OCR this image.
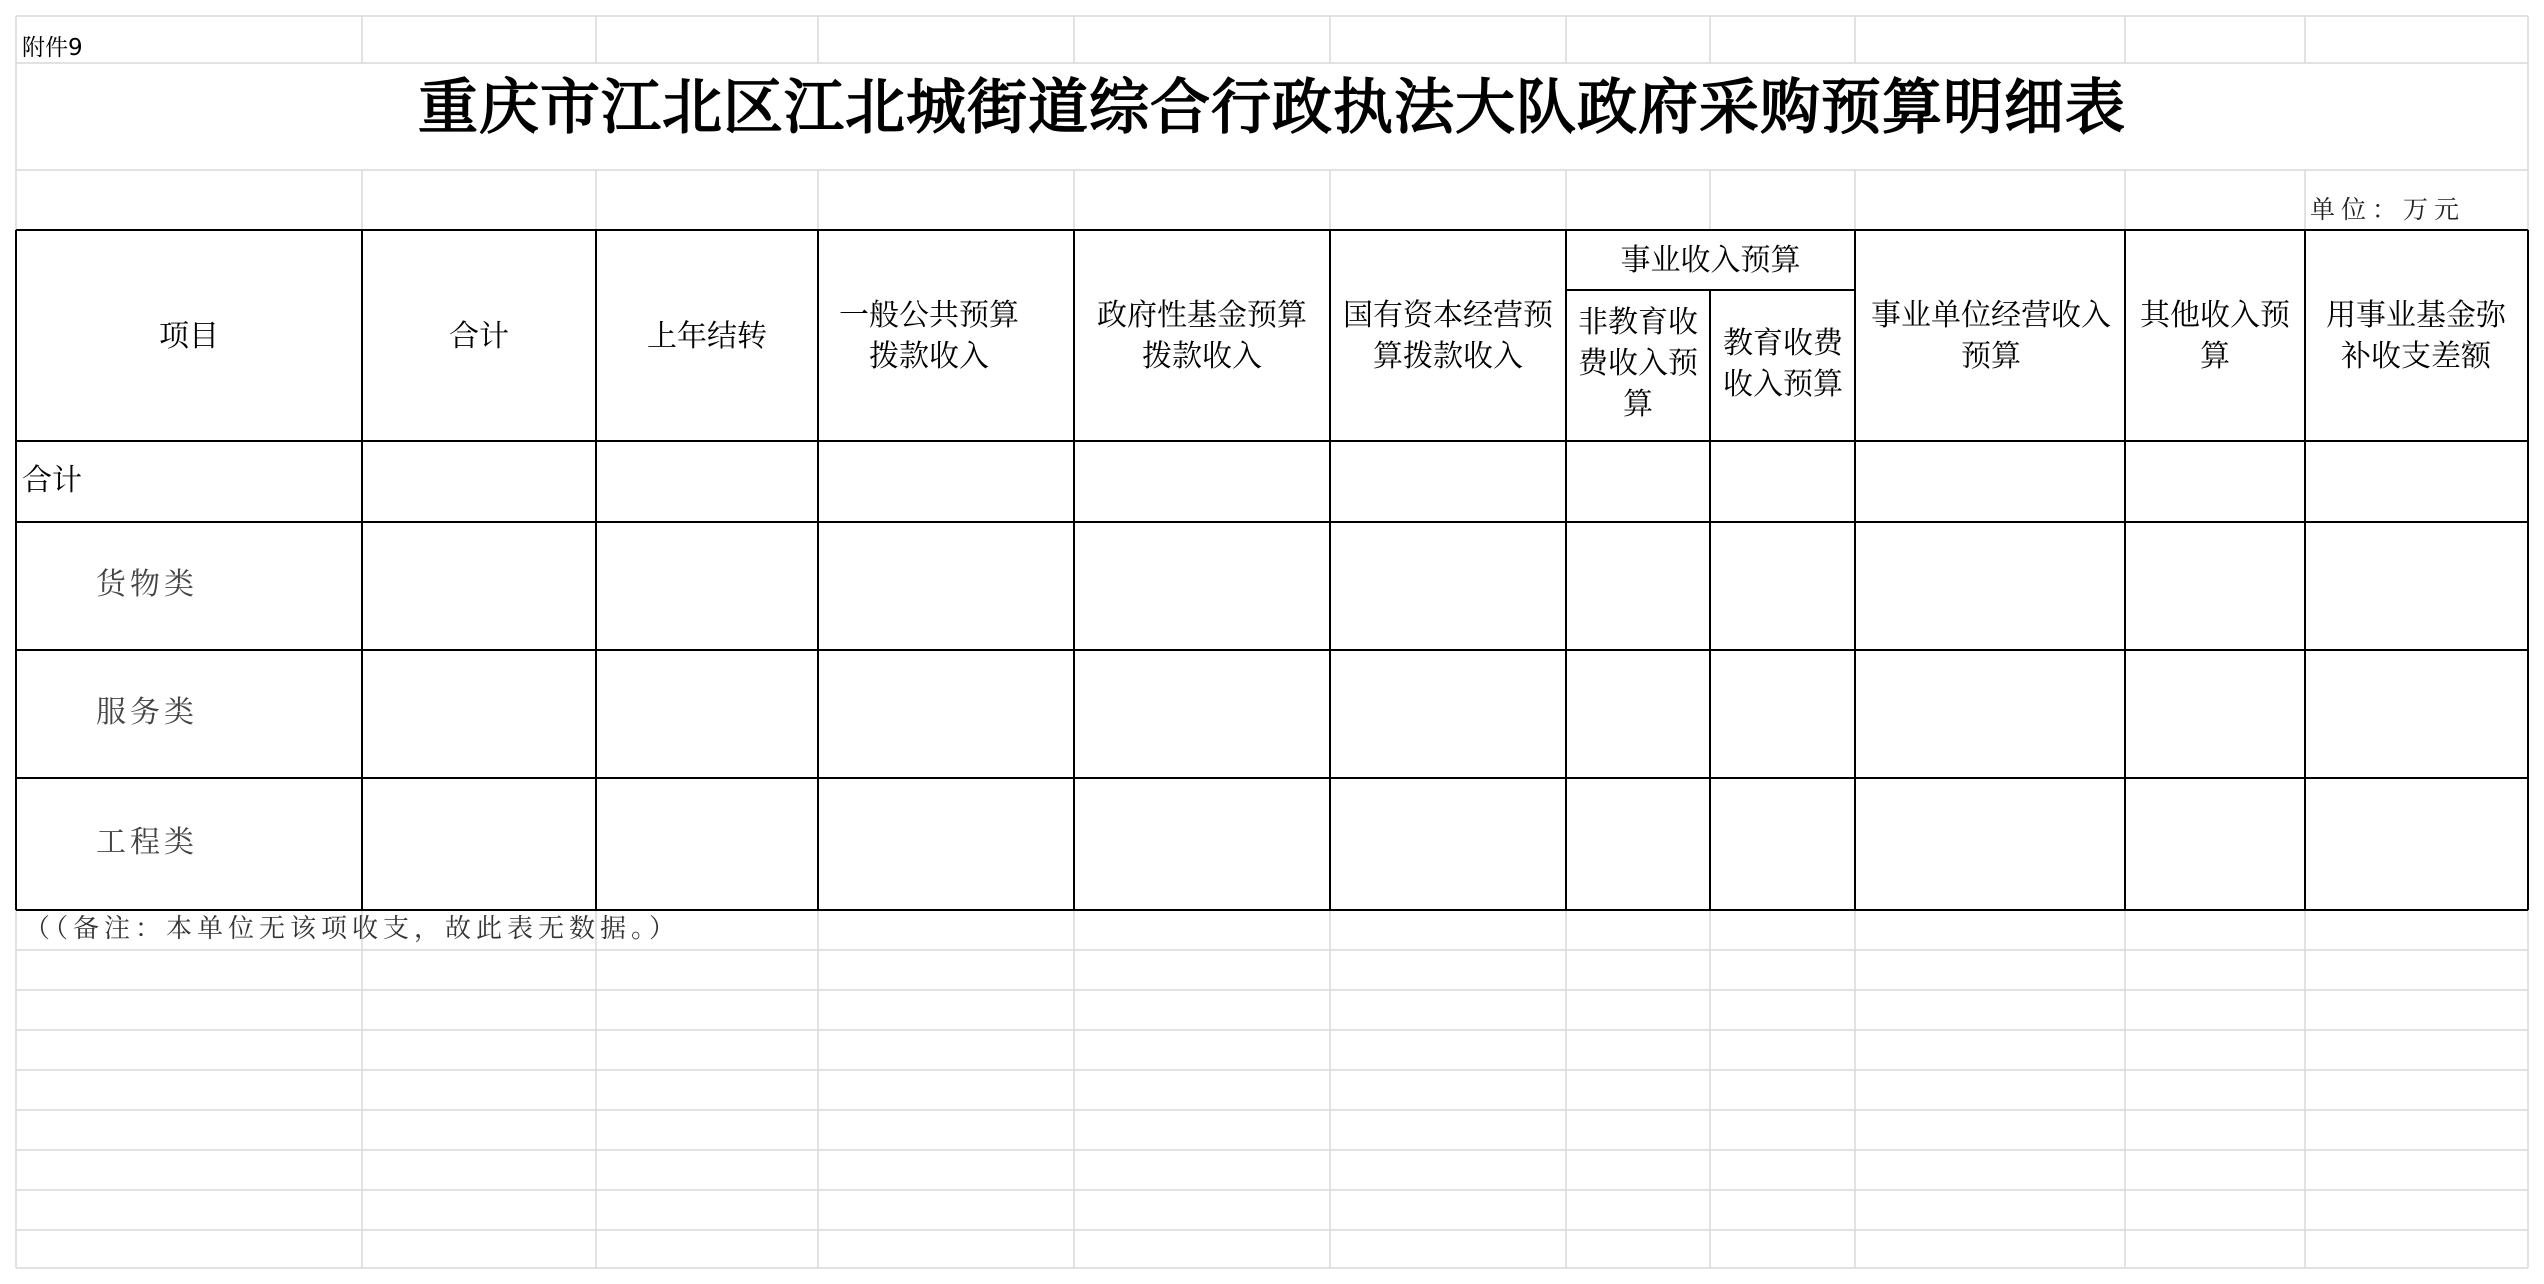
附件9
重庆市江北区江北城街道综合行政执法大队政府采购预算明细表
单位：万元
项目	合计	上年结转
一般公共预算拨款收入
政府性基金预算拨款收入
国有资本经营预算拨款收入
事业收入预算
非教育收费收入预算
教育收费收入预算
事业单位经营收入预算
其他收入预算
用事业基金弥补收支差额
合计
货物类
服务类
工程类
（（备注：本单位无该项收支，故此表无数据。）
